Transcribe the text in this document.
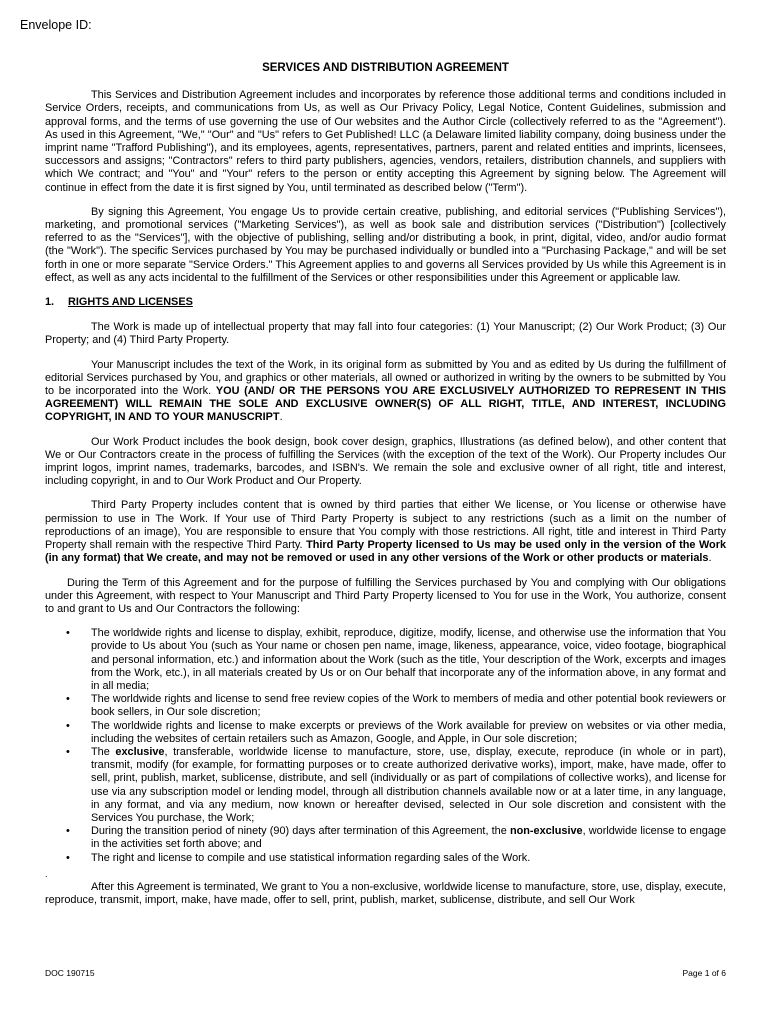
Envelope ID:
SERVICES AND DISTRIBUTION AGREEMENT

This Services and Distribution Agreement includes and incorporates by reference those additional terms and conditions included in Service Orders, receipts, and communications from Us, as well as Our Privacy Policy, Legal Notice, Content Guidelines, submission and approval forms, and the terms of use governing the use of Our websites and the Author Circle (collectively referred to as the "Agreement"). As used in this Agreement, "We," "Our" and "Us" refers to Get Published! LLC (a Delaware limited liability company, doing business under the imprint name "Trafford Publishing"), and its employees, agents, representatives, partners, parent and related entities and imprints, licensees, successors and assigns; "Contractors" refers to third party publishers, agencies, vendors, retailers, distribution channels, and suppliers with which We contract; and "You" and "Your" refers to the person or entity accepting this Agreement by signing below. The Agreement will continue in effect from the date it is first signed by You, until terminated as described below ("Term").

By signing this Agreement, You engage Us to provide certain creative, publishing, and editorial services ("Publishing Services"), marketing, and promotional services ("Marketing Services"), as well as book sale and distribution services ("Distribution") [collectively referred to as the "Services"], with the objective of publishing, selling and/or distributing a book, in print, digital, video, and/or audio format (the "Work"). The specific Services purchased by You may be purchased individually or bundled into a "Purchasing Package," and will be set forth in one or more separate "Service Orders." This Agreement applies to and governs all Services provided by Us while this Agreement is in effect, as well as any acts incidental to the fulfillment of the Services or other responsibilities under this Agreement or applicable law.

1. RIGHTS AND LICENSES

The Work is made up of intellectual property that may fall into four categories: (1) Your Manuscript; (2) Our Work Product; (3) Our Property; and (4) Third Party Property.

Your Manuscript includes the text of the Work, in its original form as submitted by You and as edited by Us during the fulfillment of editorial Services purchased by You, and graphics or other materials, all owned or authorized in writing by the owners to be submitted by You to be incorporated into the Work. YOU (AND/ OR THE PERSONS YOU ARE EXCLUSIVELY AUTHORIZED TO REPRESENT IN THIS AGREEMENT) WILL REMAIN THE SOLE AND EXCLUSIVE OWNER(S) OF ALL RIGHT, TITLE, AND INTEREST, INCLUDING COPYRIGHT, IN AND TO YOUR MANUSCRIPT.

Our Work Product includes the book design, book cover design, graphics, Illustrations (as defined below), and other content that We or Our Contractors create in the process of fulfilling the Services (with the exception of the text of the Work). Our Property includes Our imprint logos, imprint names, trademarks, barcodes, and ISBN's. We remain the sole and exclusive owner of all right, title and interest, including copyright, in and to Our Work Product and Our Property.

Third Party Property includes content that is owned by third parties that either We license, or You license or otherwise have permission to use in The Work. If Your use of Third Party Property is subject to any restrictions (such as a limit on the number of reproductions of an image), You are responsible to ensure that You comply with those restrictions. All right, title and interest in Third Party Property shall remain with the respective Third Party. Third Party Property licensed to Us may be used only in the version of the Work (in any format) that We create, and may not be removed or used in any other versions of the Work or other products or materials.

During the Term of this Agreement and for the purpose of fulfilling the Services purchased by You and complying with Our obligations under this Agreement, with respect to Your Manuscript and Third Party Property licensed to You for use in the Work, You authorize, consent to and grant to Us and Our Contractors the following:

• The worldwide rights and license to display, exhibit, reproduce, digitize, modify, license, and otherwise use the information that You provide to Us about You (such as Your name or chosen pen name, image, likeness, appearance, voice, video footage, biographical and personal information, etc.) and information about the Work (such as the title, Your description of the Work, excerpts and images from the Work, etc.), in all materials created by Us or on Our behalf that incorporate any of the information above, in any format and in all media;
• The worldwide rights and license to send free review copies of the Work to members of media and other potential book reviewers or book sellers, in Our sole discretion;
• The worldwide rights and license to make excerpts or previews of the Work available for preview on websites or via other media, including the websites of certain retailers such as Amazon, Google, and Apple, in Our sole discretion;
• The exclusive, transferable, worldwide license to manufacture, store, use, display, execute, reproduce (in whole or in part), transmit, modify (for example, for formatting purposes or to create authorized derivative works), import, make, have made, offer to sell, print, publish, market, sublicense, distribute, and sell (individually or as part of compilations of collective works), and license for use via any subscription model or lending model, through all distribution channels available now or at a later time, in any language, in any format, and via any medium, now known or hereafter devised, selected in Our sole discretion and consistent with the Services You purchase, the Work;
• During the transition period of ninety (90) days after termination of this Agreement, the non-exclusive, worldwide license to engage in the activities set forth above; and
• The right and license to compile and use statistical information regarding sales of the Work.
.

After this Agreement is terminated, We grant to You a non-exclusive, worldwide license to manufacture, store, use, display, execute, reproduce, transmit, import, make, have made, offer to sell, print, publish, market, sublicense, distribute, and sell Our Work

DOC 190715	Page 1 of 6
